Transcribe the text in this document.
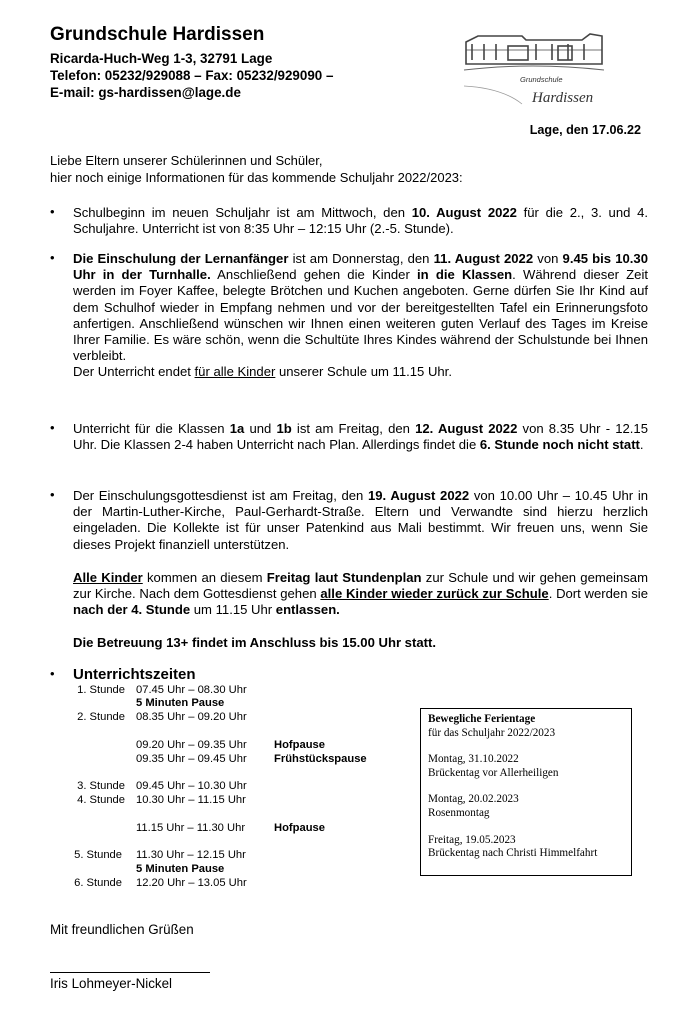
Grundschule Hardissen
Ricarda-Huch-Weg 1-3, 32791 Lage
Telefon: 05232/929088 – Fax: 05232/929090 –
E-mail: gs-hardissen@lage.de
Grundschule
Hardissen
Lage, den 17.06.22
Liebe Eltern unserer Schülerinnen und Schüler,
hier noch einige Informationen für das kommende Schuljahr 2022/2023:
• Schulbeginn im neuen Schuljahr ist am Mittwoch, den 10. August 2022 für die 2., 3. und 4. Schuljahre. Unterricht ist von 8:35 Uhr – 12:15 Uhr (2.-5. Stunde).
• Die Einschulung der Lernanfänger ist am Donnerstag, den 11. August 2022 von 9.45 bis 10.30 Uhr in der Turnhalle. Anschließend gehen die Kinder in die Klassen. Während dieser Zeit werden im Foyer Kaffee, belegte Brötchen und Kuchen angeboten. Gerne dürfen Sie Ihr Kind auf dem Schulhof wieder in Empfang nehmen und vor der bereitgestellten Tafel ein Erinnerungsfoto anfertigen. Anschließend wünschen wir Ihnen einen weiteren guten Verlauf des Tages im Kreise Ihrer Familie. Es wäre schön, wenn die Schultüte Ihres Kindes während der Schulstunde bei Ihnen verbleibt.

Der Unterricht endet für alle Kinder unserer Schule um 11.15 Uhr.

• Unterricht für die Klassen 1a und 1b ist am Freitag, den 12. August 2022 von 8.35 Uhr - 12.15 Uhr. Die Klassen 2-4 haben Unterricht nach Plan. Allerdings findet die 6. Stunde noch nicht statt.
• Der Einschulungsgottesdienst ist am Freitag, den 19. August 2022 von 10.00 Uhr – 10.45 Uhr in der Martin-Luther-Kirche, Paul-Gerhardt-Straße. Eltern und Verwandte sind hierzu herzlich eingeladen. Die Kollekte ist für unser Patenkind aus Mali bestimmt. Wir freuen uns, wenn Sie dieses Projekt finanziell unterstützen.

Alle Kinder kommen an diesem Freitag laut Stundenplan zur Schule und wir gehen gemeinsam zur Kirche. Nach dem Gottesdienst gehen alle Kinder wieder zurück zur Schule. Dort werden sie nach der 4. Stunde um 11.15 Uhr entlassen.

Die Betreuung 13+ findet im Anschluss bis 15.00 Uhr statt.
• Unterrichtszeiten
1. Stunde 07.45 Uhr – 08.30 Uhr
5 Minuten Pause
2. Stunde 08.35 Uhr – 09.20 Uhr
09.20 Uhr – 09.35 Uhr Hofpause
09.35 Uhr – 09.45 Uhr Frühstückspause
3. Stunde 09.45 Uhr – 10.30 Uhr
4. Stunde 10.30 Uhr – 11.15 Uhr
11.15 Uhr – 11.30 Uhr	Hofpause
5. Stunde 11.30 Uhr – 12.15 Uhr
5 Minuten Pause
6. Stunde 12.20 Uhr – 13.05 Uhr
Bewegliche Ferientage
für das Schuljahr 2022/2023
Montag, 31.10.2022
Brückentag vor Allerheiligen
Montag, 20.02.2023
Rosenmontag
Freitag, 19.05.2023
Brückentag nach Christi Himmelfahrt
Mit freundlichen Grüßen
Iris Lohmeyer-Nickel
